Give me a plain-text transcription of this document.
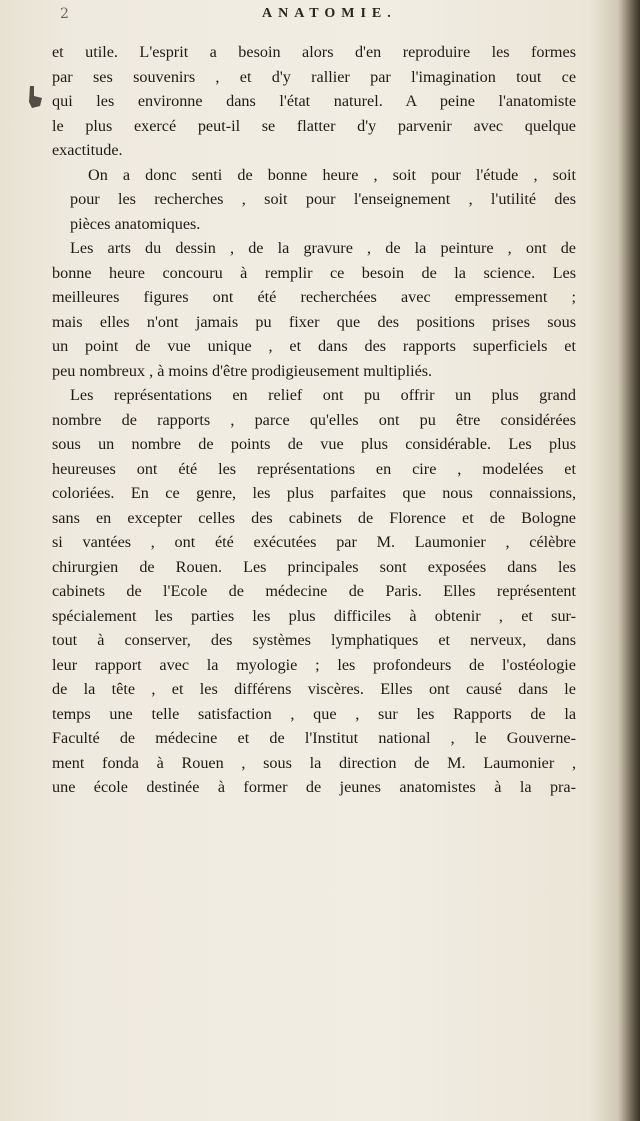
2	ANATOMIE.

et utile. L'esprit a besoin alors d'en reproduire les formes
par ses souvenirs , et d'y rallier par l'imagination tout ce
qui les environne dans l'état naturel. A peine l'anatomiste
le plus exercé peut-il se flatter d'y parvenir avec quelque
exactitude.

On a donc senti de bonne heure , soit pour l'étude , soit
pour les recherches , soit pour l'enseignement , l'utilité des
pièces anatomiques.

Les arts du dessin , de la gravure , de la peinture , ont de
bonne heure concouru à remplir ce besoin de la science. Les
meilleures figures ont été recherchées avec empressement ;
mais elles n'ont jamais pu fixer que des positions prises sous
un point de vue unique , et dans des rapports superficiels et
peu nombreux , à moins d'être prodigieusement multipliés.

Les représentations en relief ont pu offrir un plus grand
nombre de rapports , parce qu'elles ont pu être considérées
sous un nombre de points de vue plus considérable. Les plus
heureuses ont été les représentations en cire , modelées et
coloriées. En ce genre, les plus parfaites que nous connaissions,
sans en excepter celles des cabinets de Florence et de Bologne
si vantées , ont été exécutées par M. Laumonier , célèbre
chirurgien de Rouen. Les principales sont exposées dans les
cabinets de l'Ecole de médecine de Paris. Elles représentent
spécialement les parties les plus difficiles à obtenir , et sur-
tout à conserver, des systèmes lymphatiques et nerveux, dans
leur rapport avec la myologie ; les profondeurs de l'ostéologie
de la tête , et les différens viscères. Elles ont causé dans le
temps une telle satisfaction , que , sur les Rapports de la
Faculté de médecine et de l'Institut national , le Gouverne-
ment fonda à Rouen , sous la direction de M. Laumonier ,
une école destinée à former de jeunes anatomistes à la pra-
